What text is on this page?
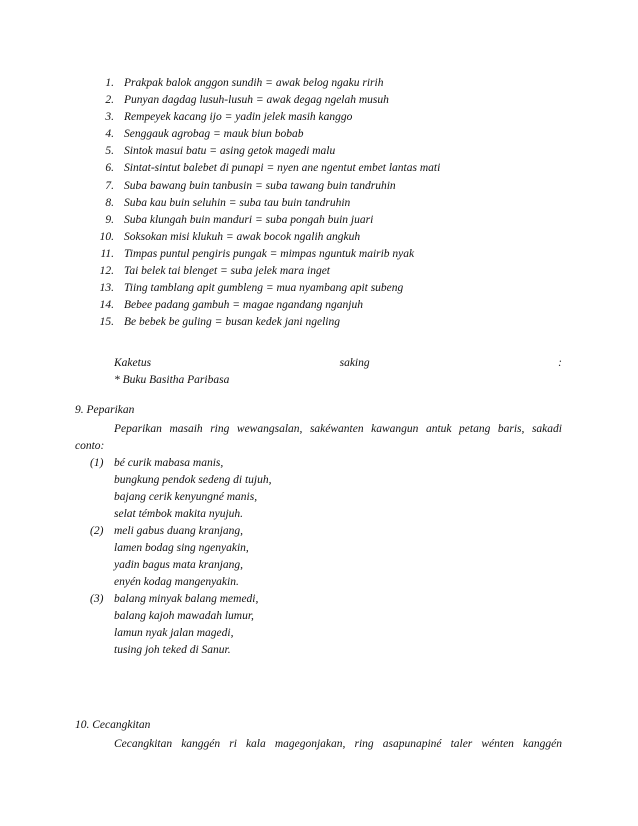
1. Prakpak balok anggon sundih = awak belog ngaku ririh
2. Punyan dagdag lusuh-lusuh = awak degag ngelah musuh
3. Rempeyek kacang ijo = yadin jelek masih kanggo
4. Senggauk agrobag = mauk biun bobab
5. Sintok masui batu = asing getok magedi malu
6. Sintat-sintut balebet di punapi = nyen ane ngentut embet lantas mati
7. Suba bawang buin tanbusin = suba tawang buin tandruhin
8. Suba kau buin seluhin = suba tau buin tandruhin
9. Suba klungah buin manduri = suba pongah buin juari
10. Soksokan misi klukuh = awak bocok ngalih angkuh
11. Timpas puntul pengiris pungak = mimpas nguntuk mairib nyak
12. Tai belek tai blenget = suba jelek mara inget
13. Tiing tamblang apit gumbleng = mua nyambang apit subeng
14. Bebee padang gambuh = magae ngandang nganjuh
15. Be bebek be guling = busan kedek jani ngeling
Kaketus	saking	:
* Buku Basitha Paribasa
9. Peparikan
Peparikan masaih ring wewangsalan, sakéwanten kawangun antuk petang baris, sakadi
conto:
(1) bé curik mabasa manis,
bungkung pendok sedeng di tujuh,
bajang cerik kenyungné manis,
selat témbok makita nyujuh.
(2) meli gabus duang kranjang,
lamen bodag sing ngenyakin,
yadin bagus mata kranjang,
enyén kodag mangenyakin.
(3) balang minyak balang memedi,
balang kajoh mawadah lumur,
lamun nyak jalan magedi,
tusing joh teked di Sanur.
10. Cecangkitan
Cecangkitan kanggén ri kala magegonjakan, ring asapunapiné taler wénten kanggén
